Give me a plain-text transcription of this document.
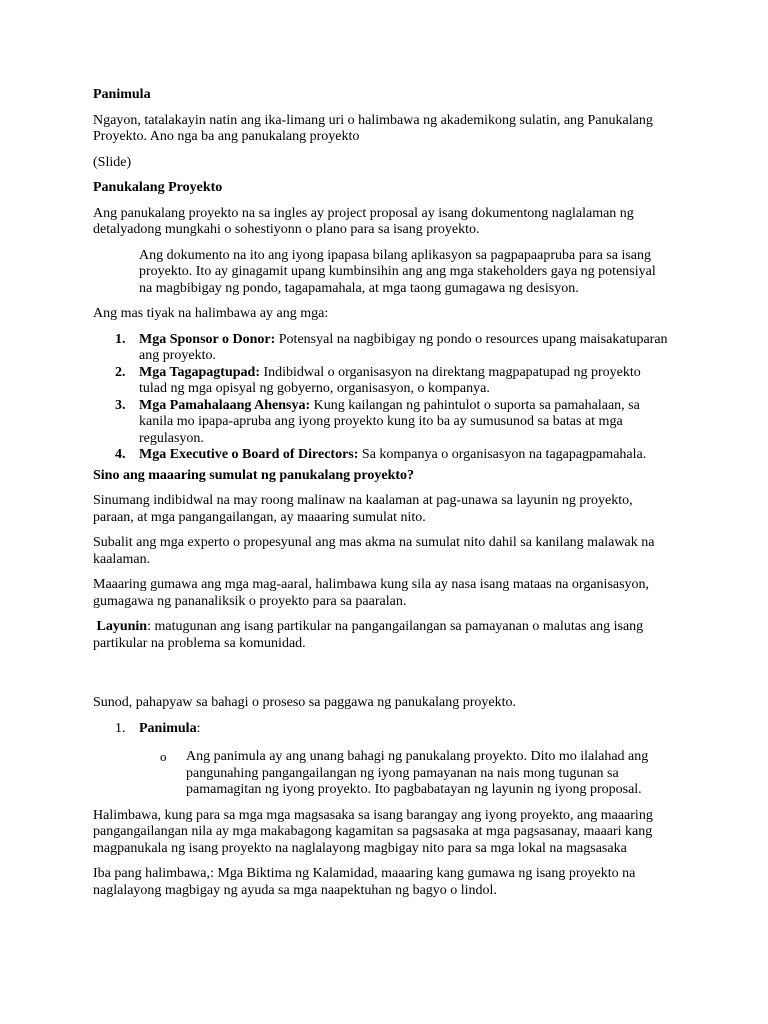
Panimula

Ngayon, tatalakayin natin ang ika-limang uri o halimbawa ng akademikong sulatin, ang Panukalang Proyekto. Ano nga ba ang panukalang proyekto

(Slide)

Panukalang Proyekto

Ang panukalang proyekto na sa ingles ay project proposal ay isang dokumentong naglalaman ng detalyadong mungkahi o sohestiyonn o plano para sa isang proyekto.

Ang dokumento na ito ang iyong ipapasa bilang aplikasyon sa pagpapaapruba para sa isang proyekto. Ito ay ginagamit upang kumbinsihin ang ang mga stakeholders gaya ng potensiyal na magbibigay ng pondo, tagapamahala, at mga taong gumagawa ng desisyon.

Ang mas tiyak na halimbawa ay ang mga:

1. Mga Sponsor o Donor: Potensyal na nagbibigay ng pondo o resources upang maisakatuparan ang proyekto.
2. Mga Tagapagtupad: Indibidwal o organisasyon na direktang magpapatupad ng proyekto tulad ng mga opisyal ng gobyerno, organisasyon, o kompanya.
3. Mga Pamahalaang Ahensya: Kung kailangan ng pahintulot o suporta sa pamahalaan, sa kanila mo ipapa-apruba ang iyong proyekto kung ito ba ay sumusunod sa batas at mga regulasyon.
4. Mga Executive o Board of Directors: Sa kompanya o organisasyon na tagapagpamahala.

Sino ang maaaring sumulat ng panukalang proyekto?

Sinumang indibidwal na may roong malinaw na kaalaman at pag-unawa sa layunin ng proyekto, paraan, at mga pangangailangan, ay maaaring sumulat nito.

Subalit ang mga experto o propesyunal ang mas akma na sumulat nito dahil sa kanilang malawak na kaalaman.

Maaaring gumawa ang mga mag-aaral, halimbawa kung sila ay nasa isang mataas na organisasyon, gumagawa ng pananaliksik o proyekto para sa paaralan.

Layunin: matugunan ang isang partikular na pangangailangan sa pamayanan o malutas ang isang partikular na problema sa komunidad.

Sunod, pahapyaw sa bahagi o proseso sa paggawa ng panukalang proyekto.

1. Panimula:
o Ang panimula ay ang unang bahagi ng panukalang proyekto. Dito mo ilalahad ang pangunahing pangangailangan ng iyong pamayanan na nais mong tugunan sa pamamagitan ng iyong proyekto. Ito pagbabatayan ng layunin ng iyong proposal.

Halimbawa, kung para sa mga mga magsasaka sa isang barangay ang iyong proyekto, ang maaaring pangangailangan nila ay mga makabagong kagamitan sa pagsasaka at mga pagsasanay, maaari kang magpanukala ng isang proyekto na naglalayong magbigay nito para sa mga lokal na magsasaka

Iba pang halimbawa,: Mga Biktima ng Kalamidad, maaaring kang gumawa ng isang proyekto na naglalayong magbigay ng ayuda sa mga naapektuhan ng bagyo o lindol.
